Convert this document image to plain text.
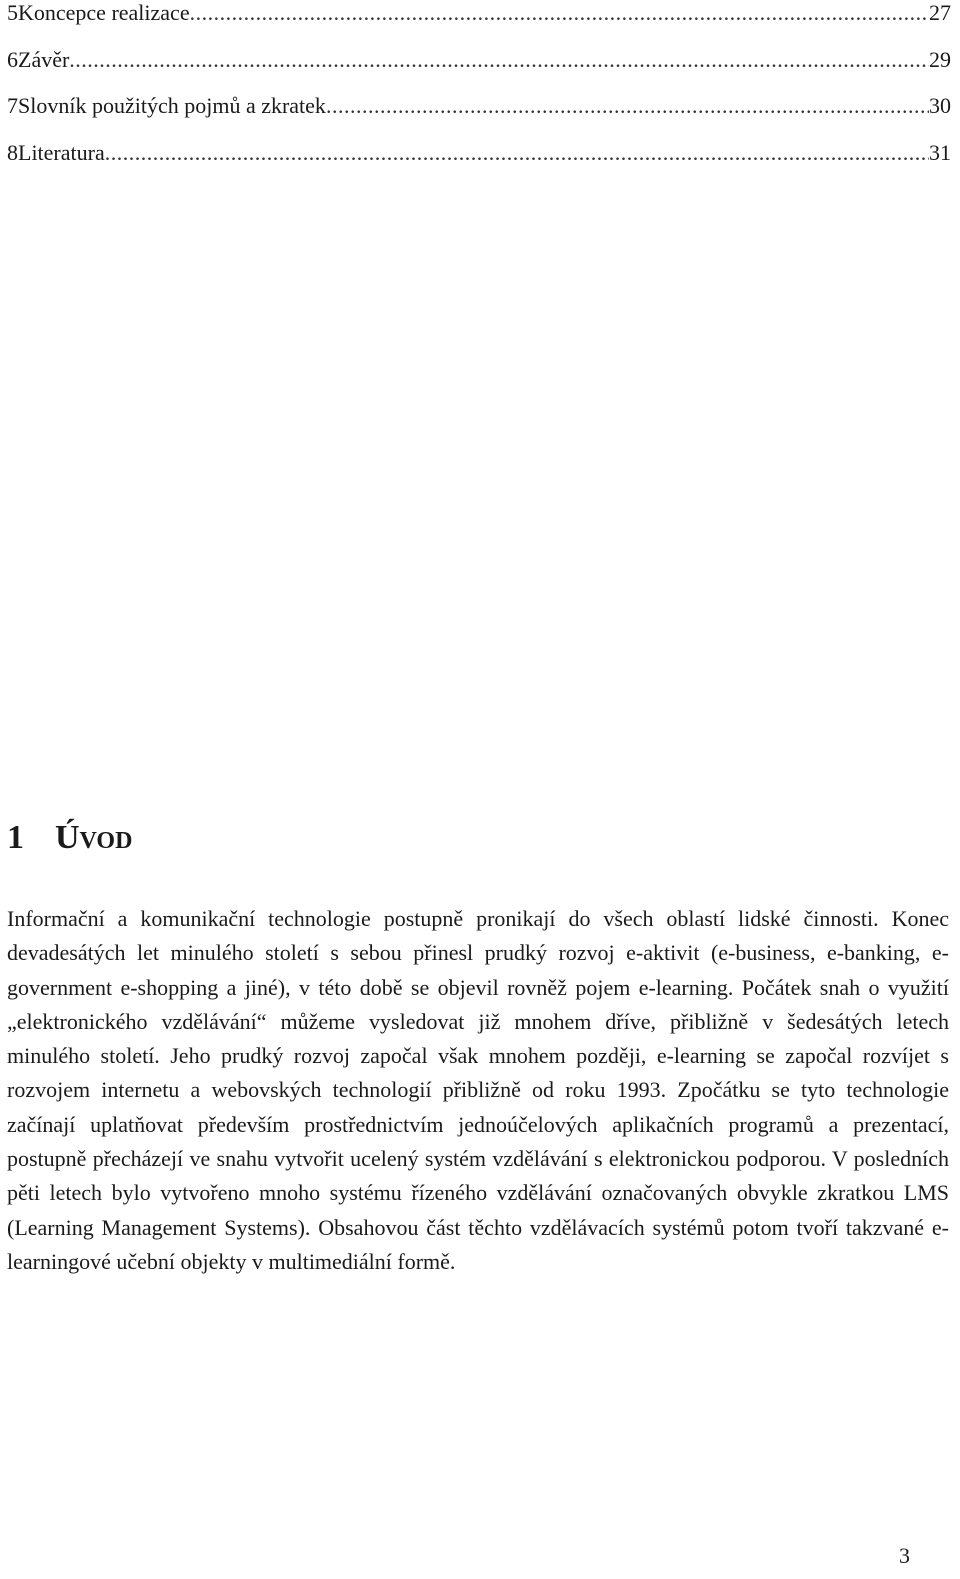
5 Koncepce realizace .....	27
6 Závěr .....	29
7 Slovník použitých pojmů a zkratek .....	30
8 Literatura .....	31
1 Úvod

Informační a komunikační technologie postupně pronikají do všech oblastí lidské činnosti. Konec devadesátých let minulého století s sebou přinesl prudký rozvoj e-aktivit (e-business, e-banking, e-government e-shopping a jiné), v této době se objevil rovněž pojem e-learning. Počátek snah o využití „elektronického vzdělávání“ můžeme vysledovat již mnohem dříve, přibližně v šedesátých letech minulého století. Jeho prudký rozvoj započal však mnohem později, e-learning se započal rozvíjet s rozvojem internetu a webovských technologií přibližně od roku 1993. Zpočátku se tyto technologie začínají uplatňovat především prostřednictvím jednoúčelových aplikačních programů a prezentací, postupně přecházejí ve snahu vytvořit ucelený systém vzdělávání s elektronickou podporou. V posledních pěti letech bylo vytvořeno mnoho systému řízeného vzdělávání označovaných obvykle zkratkou LMS (Learning Management Systems). Obsahovou část těchto vzdělávacích systémů potom tvoří takzvané e-learningové učební objekty v multimediální formě.

3
